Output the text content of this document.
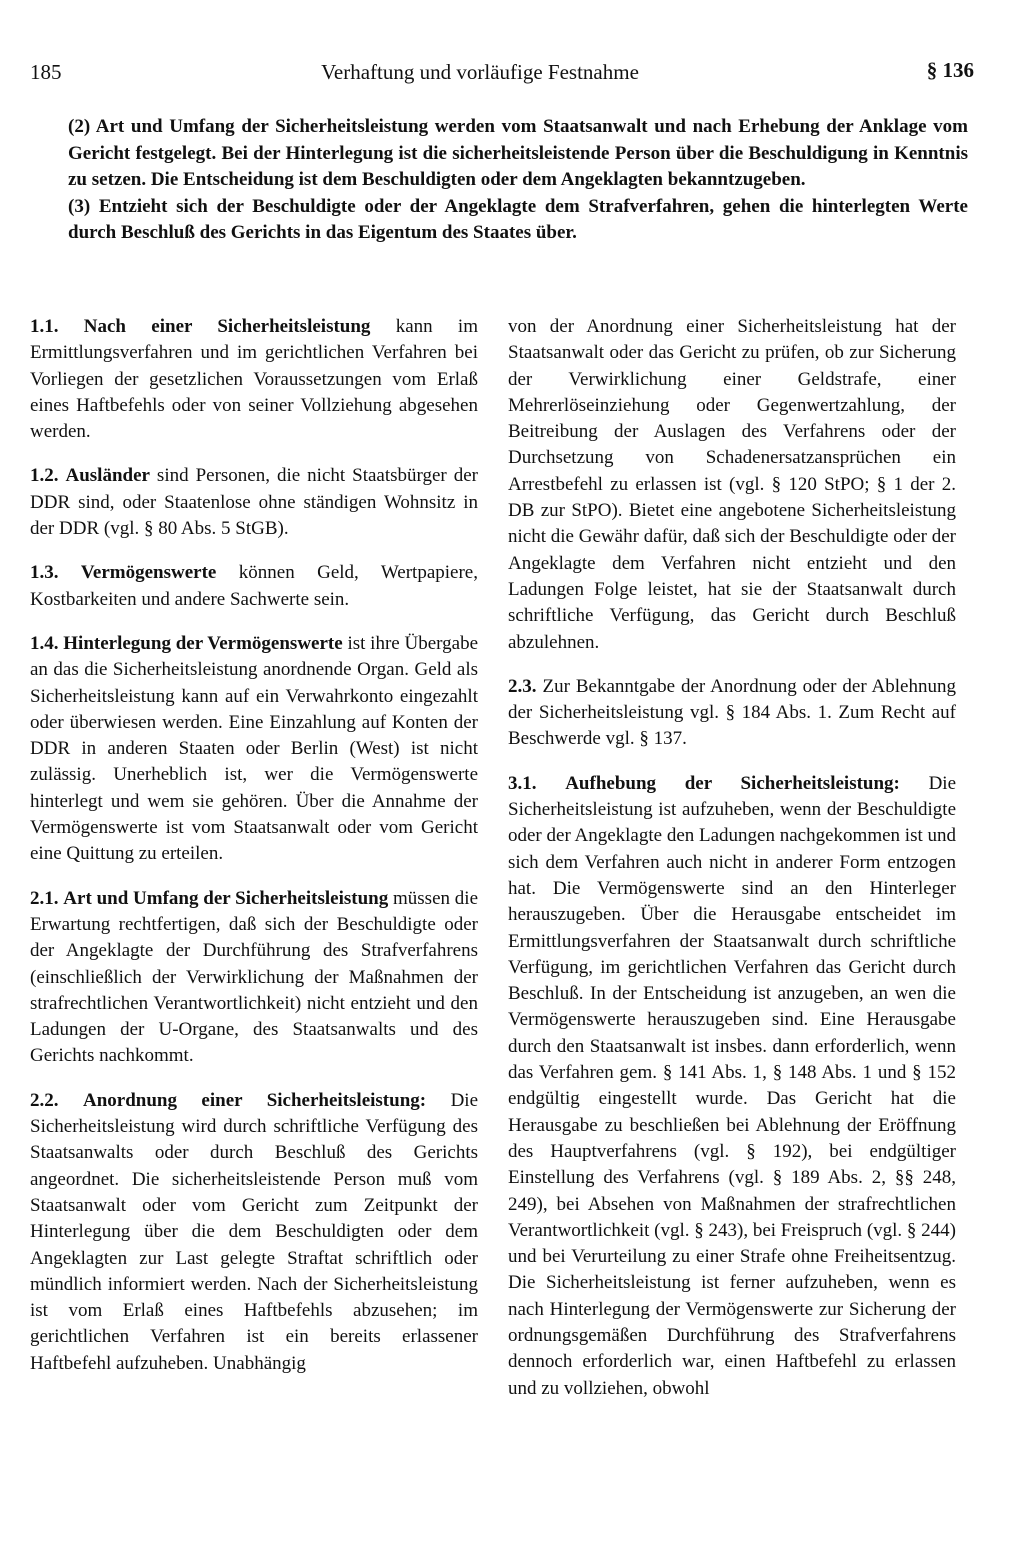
185	Verhaftung und vorläufige Festnahme	§ 136

(2) Art und Umfang der Sicherheitsleistung werden vom Staatsanwalt und nach Erhebung der Anklage vom Gericht festgelegt. Bei der Hinterlegung ist die sicherheitsleistende Person über die Beschuldigung in Kenntnis zu setzen. Die Entscheidung ist dem Beschuldigten oder dem Angeklagten bekanntzugeben.

(3) Entzieht sich der Beschuldigte oder der Angeklagte dem Strafverfahren, gehen die hinterlegten Werte durch Beschluß des Gerichts in das Eigentum des Staates über.

1.1. Nach einer Sicherheitsleistung kann im Ermittlungsverfahren und im gerichtlichen Verfahren bei Vorliegen der gesetzlichen Voraussetzungen vom Erlaß eines Haftbefehls oder von seiner Vollziehung abgesehen werden.

1.2. Ausländer sind Personen, die nicht Staatsbürger der DDR sind, oder Staatenlose ohne ständigen Wohnsitz in der DDR (vgl. § 80 Abs. 5 StGB).

1.3. Vermögenswerte können Geld, Wertpapiere, Kostbarkeiten und andere Sachwerte sein.

1.4. Hinterlegung der Vermögenswerte ist ihre Übergabe an das die Sicherheitsleistung anordnende Organ. Geld als Sicherheitsleistung kann auf ein Verwahrkonto eingezahlt oder überwiesen werden. Eine Einzahlung auf Konten der DDR in anderen Staaten oder Berlin (West) ist nicht zulässig. Unerheblich ist, wer die Vermögenswerte hinterlegt und wem sie gehören. Über die Annahme der Vermögenswerte ist vom Staatsanwalt oder vom Gericht eine Quittung zu erteilen.

2.1. Art und Umfang der Sicherheitsleistung müssen die Erwartung rechtfertigen, daß sich der Beschuldigte oder der Angeklagte der Durchführung des Strafverfahrens (einschließlich der Verwirklichung der Maßnahmen der strafrechtlichen Verantwortlichkeit) nicht entzieht und den Ladungen der U-Organe, des Staatsanwalts und des Gerichts nachkommt.

2.2. Anordnung einer Sicherheitsleistung: Die Sicherheitsleistung wird durch schriftliche Verfügung des Staatsanwalts oder durch Beschluß des Gerichts angeordnet. Die sicherheitsleistende Person muß vom Staatsanwalt oder vom Gericht zum Zeitpunkt der Hinterlegung über die dem Beschuldigten oder dem Angeklagten zur Last gelegte Straftat schriftlich oder mündlich informiert werden. Nach der Sicherheitsleistung ist vom Erlaß eines Haftbefehls abzusehen; im gerichtlichen Verfahren ist ein bereits erlassener Haftbefehl aufzuheben. Unabhängig

von der Anordnung einer Sicherheitsleistung hat der Staatsanwalt oder das Gericht zu prüfen, ob zur Sicherung der Verwirklichung einer Geldstrafe, einer Mehrerlöseinziehung oder Gegenwertzahlung, der Beitreibung der Auslagen des Verfahrens oder der Durchsetzung von Schadenersatzansprüchen ein Arrestbefehl zu erlassen ist (vgl. § 120 StPO; § 1 der 2. DB zur StPO). Bietet eine angebotene Sicherheitsleistung nicht die Gewähr dafür, daß sich der Beschuldigte oder der Angeklagte dem Verfahren nicht entzieht und den Ladungen Folge leistet, hat sie der Staatsanwalt durch schriftliche Verfügung, das Gericht durch Beschluß abzulehnen.

2.3. Zur Bekanntgabe der Anordnung oder der Ablehnung der Sicherheitsleistung vgl. § 184 Abs. 1. Zum Recht auf Beschwerde vgl. § 137.

3.1. Aufhebung der Sicherheitsleistung: Die Sicherheitsleistung ist aufzuheben, wenn der Beschuldigte oder der Angeklagte den Ladungen nachgekommen ist und sich dem Verfahren auch nicht in anderer Form entzogen hat. Die Vermögenswerte sind an den Hinterleger herauszugeben. Über die Herausgabe entscheidet im Ermittlungsverfahren der Staatsanwalt durch schriftliche Verfügung, im gerichtlichen Verfahren das Gericht durch Beschluß. In der Entscheidung ist anzugeben, an wen die Vermögenswerte herauszugeben sind. Eine Herausgabe durch den Staatsanwalt ist insbes. dann erforderlich, wenn das Verfahren gem. § 141 Abs. 1, § 148 Abs. 1 und § 152 endgültig eingestellt wurde. Das Gericht hat die Herausgabe zu beschließen bei Ablehnung der Eröffnung des Hauptverfahrens (vgl. § 192), bei endgültiger Einstellung des Verfahrens (vgl. § 189 Abs. 2, §§ 248, 249), bei Absehen von Maßnahmen der strafrechtlichen Verantwortlichkeit (vgl. § 243), bei Freispruch (vgl. § 244) und bei Verurteilung zu einer Strafe ohne Freiheitsentzug. Die Sicherheitsleistung ist ferner aufzuheben, wenn es nach Hinterlegung der Vermögenswerte zur Sicherung der ordnungsgemäßen Durchführung des Strafverfahrens dennoch erforderlich war, einen Haftbefehl zu erlassen und zu vollziehen, obwohl
